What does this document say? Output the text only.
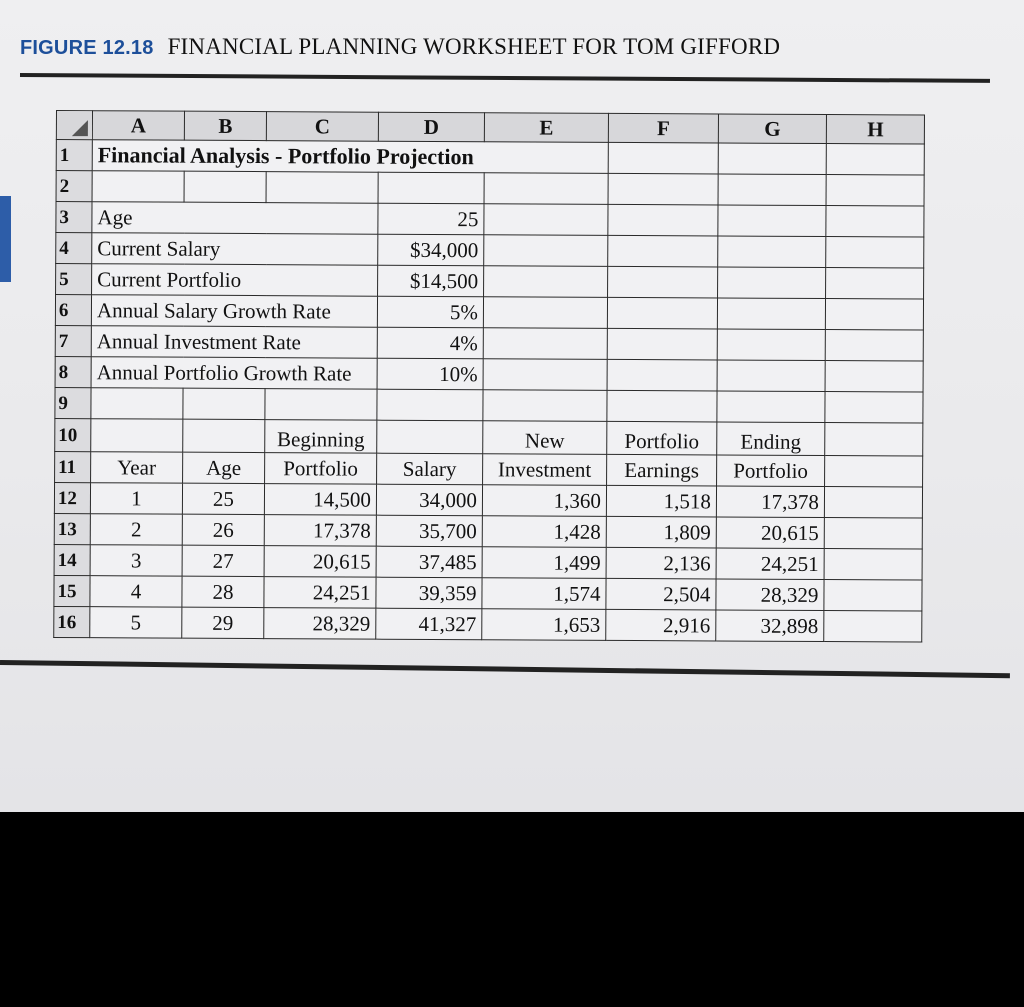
FIGURE 12.18 FINANCIAL PLANNING WORKSHEET FOR TOM GIFFORD
	A	B	C	D	E	F	G	H
1	Financial Analysis - Portfolio Projection							
2								
3	Age			25				
4	Current Salary			$34,000				
5	Current Portfolio			$14,500				
6	Annual Salary Growth Rate			5%				
7	Annual Investment Rate			4%				
8	Annual Portfolio Growth Rate			10%				
9								
10			Beginning		New	Portfolio	Ending	
11	Year	Age	Portfolio	Salary	Investment	Earnings	Portfolio	
12	1	25	14,500	34,000	1,360	1,518	17,378	
13	2	26	17,378	35,700	1,428	1,809	20,615	
14	3	27	20,615	37,485	1,499	2,136	24,251	
15	4	28	24,251	39,359	1,574	2,504	28,329	
16	5	29	28,329	41,327	1,653	2,916	32,898	
